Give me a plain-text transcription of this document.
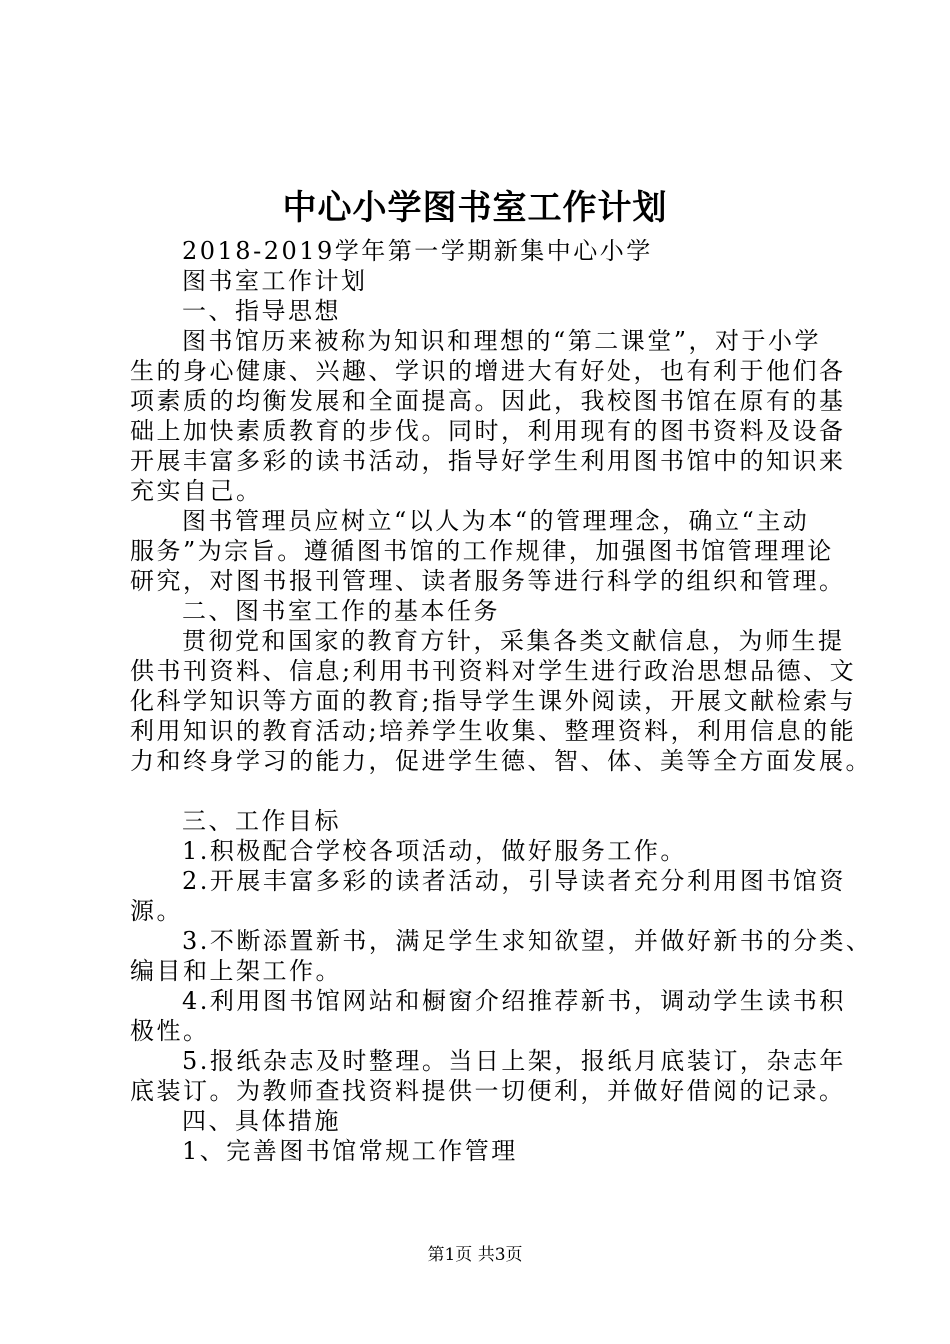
中心小学图书室工作计划
2018-2019学年第一学期新集中心小学
图书室工作计划
一、指导思想
图书馆历来被称为知识和理想的“第二课堂”，对于小学
生的身心健康、兴趣、学识的增进大有好处，也有利于他们各
项素质的均衡发展和全面提高。因此，我校图书馆在原有的基
础上加快素质教育的步伐。同时，利用现有的图书资料及设备
开展丰富多彩的读书活动，指导好学生利用图书馆中的知识来
充实自己。
图书管理员应树立“以人为本“的管理理念，确立“主动
服务”为宗旨。遵循图书馆的工作规律，加强图书馆管理理论
研究，对图书报刊管理、读者服务等进行科学的组织和管理。
二、图书室工作的基本任务
贯彻党和国家的教育方针，采集各类文献信息，为师生提
供书刊资料、信息;利用书刊资料对学生进行政治思想品德、文
化科学知识等方面的教育;指导学生课外阅读，开展文献检索与
利用知识的教育活动;培养学生收集、整理资料，利用信息的能
力和终身学习的能力，促进学生德、智、体、美等全方面发展。
三、工作目标
1.积极配合学校各项活动，做好服务工作。
2.开展丰富多彩的读者活动，引导读者充分利用图书馆资
源。
3.不断添置新书，满足学生求知欲望，并做好新书的分类、
编目和上架工作。
4.利用图书馆网站和橱窗介绍推荐新书，调动学生读书积
极性。
5.报纸杂志及时整理。当日上架，报纸月底装订，杂志年
底装订。为教师查找资料提供一切便利，并做好借阅的记录。
四、具体措施
1、完善图书馆常规工作管理
第1页 共3页
